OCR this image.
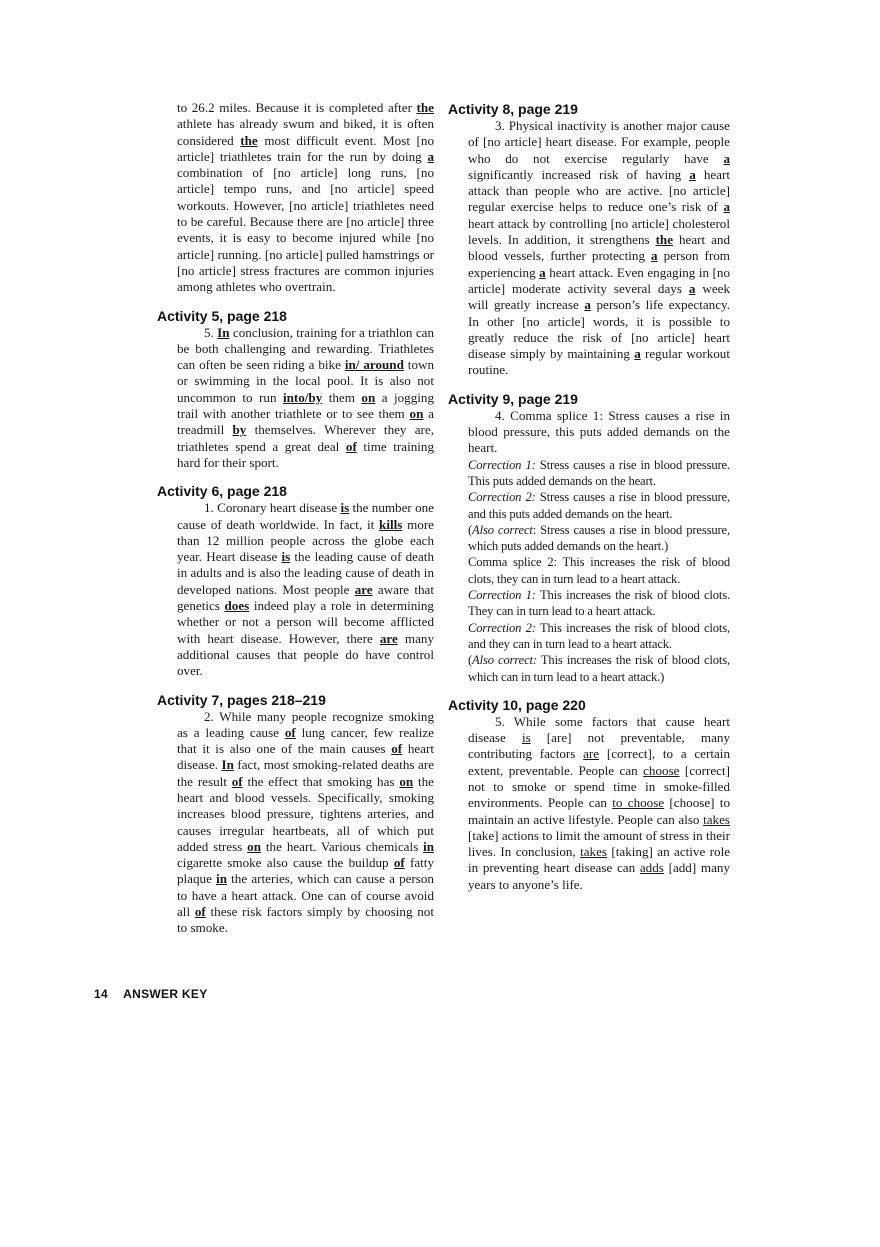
to 26.2 miles. Because it is completed after the athlete has already swum and biked, it is often considered the most difficult event. Most [no article] triathletes train for the run by doing a combination of [no article] long runs, [no article] tempo runs, and [no article] speed workouts. However, [no article] triathletes need to be careful. Because there are [no article] three events, it is easy to become injured while [no article] running. [no article] pulled hamstrings or [no article] stress fractures are common injuries among athletes who overtrain.
Activity 5, page 218
5. In conclusion, training for a triathlon can be both challenging and rewarding. Triathletes can often be seen riding a bike in/ around town or swimming in the local pool. It is also not uncommon to run into/by them on a jogging trail with another triathlete or to see them on a treadmill by themselves. Wherever they are, triathletes spend a great deal of time training hard for their sport.
Activity 6, page 218
1. Coronary heart disease is the number one cause of death worldwide. In fact, it kills more than 12 million people across the globe each year. Heart disease is the leading cause of death in adults and is also the leading cause of death in developed nations. Most people are aware that genetics does indeed play a role in determining whether or not a person will become afflicted with heart disease. However, there are many additional causes that people do have control over.
Activity 7, pages 218–219
2. While many people recognize smoking as a leading cause of lung cancer, few realize that it is also one of the main causes of heart disease. In fact, most smoking-related deaths are the result of the effect that smoking has on the heart and blood vessels. Specifically, smoking increases blood pressure, tightens arteries, and causes irregular heartbeats, all of which put added stress on the heart. Various chemicals in cigarette smoke also cause the buildup of fatty plaque in the arteries, which can cause a person to have a heart attack. One can of course avoid all of these risk factors simply by choosing not to smoke.
Activity 8, page 219
3. Physical inactivity is another major cause of [no article] heart disease. For example, people who do not exercise regularly have a significantly increased risk of having a heart attack than people who are active. [no article] regular exercise helps to reduce one’s risk of a heart attack by controlling [no article] cholesterol levels. In addition, it strengthens the heart and blood vessels, further protecting a person from experiencing a heart attack. Even engaging in [no article] moderate activity several days a week will greatly increase a person’s life expectancy. In other [no article] words, it is possible to greatly reduce the risk of [no article] heart disease simply by maintaining a regular workout routine.
Activity 9, page 219

4. Comma splice 1: Stress causes a rise in blood pressure, this puts added demands on the heart.

Correction 1: Stress causes a rise in blood pressure. This puts added demands on the heart.

Correction 2: Stress causes a rise in blood pressure, and this puts added demands on the heart.

(Also correct: Stress causes a rise in blood pressure, which puts added demands on the heart.)

Comma splice 2: This increases the risk of blood clots, they can in turn lead to a heart attack.

Correction 1: This increases the risk of blood clots. They can in turn lead to a heart attack.

Correction 2: This increases the risk of blood clots, and they can in turn lead to a heart attack.

(Also correct: This increases the risk of blood clots, which can in turn lead to a heart attack.)

Activity 10, page 220
5. While some factors that cause heart disease is [are] not preventable, many contributing factors are [correct], to a certain extent, preventable. People can choose [correct] not to smoke or spend time in smoke-filled environments. People can to choose [choose] to maintain an active lifestyle. People can also takes [take] actions to limit the amount of stress in their lives. In conclusion, takes [taking] an active role in preventing heart disease can adds [add] many years to anyone’s life.
14 ANSWER KEY
